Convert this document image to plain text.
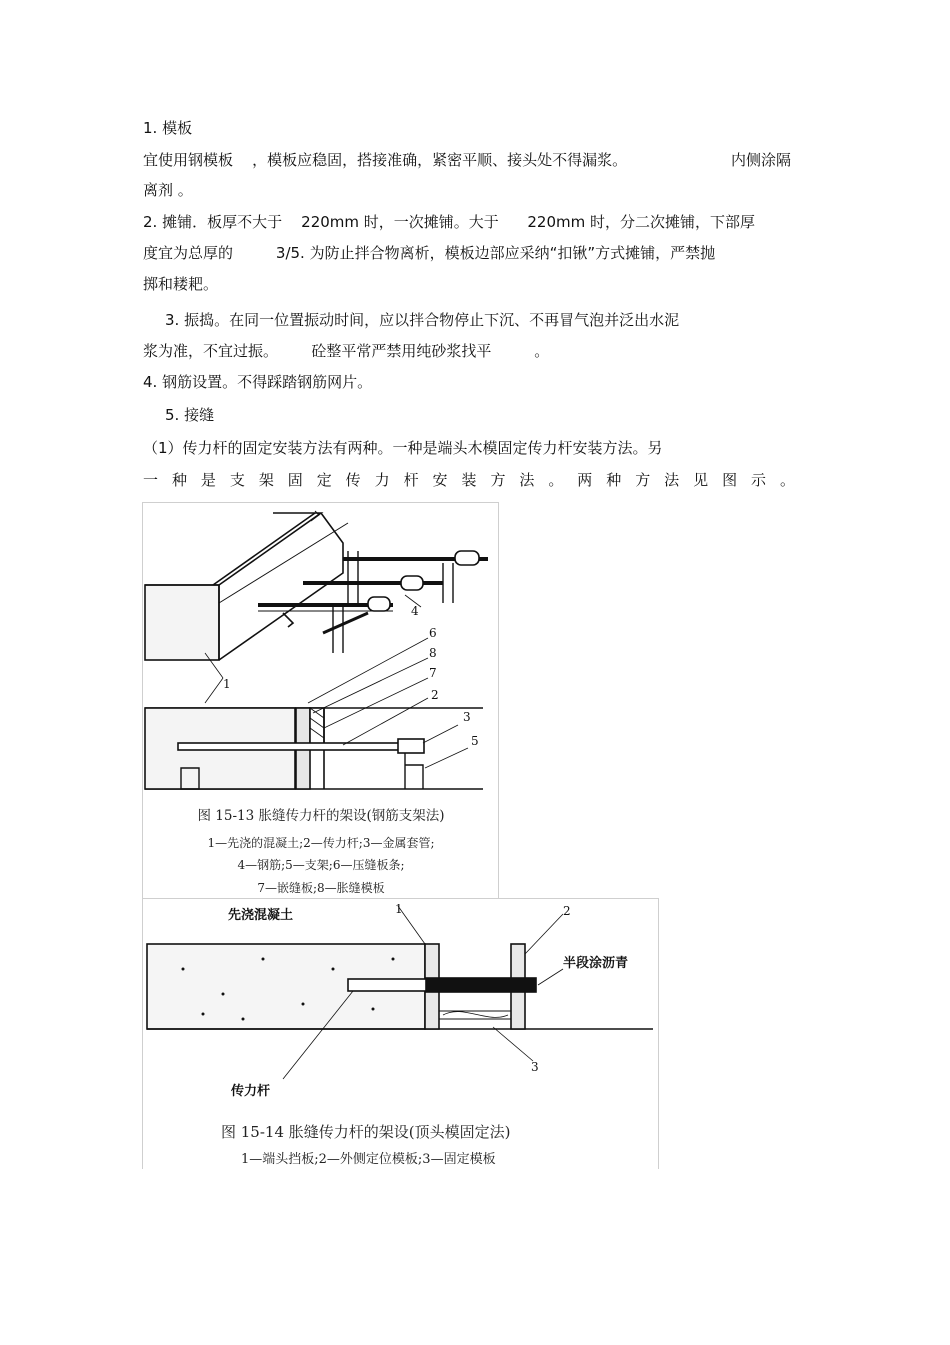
1. 模板
宜使用钢模板    ，模板应稳固，搭接准确，紧密平顺、接头处不得漏浆。	内侧涂隔
离剂 。
2. 摊铺．板厚不大于    220mm 时，一次摊铺。大于      220mm 时，分二次摊铺，下部厚
度宜为总厚的         3/5. 为防止拌合物离析，模板边部应采纳“扣锹”方式摊铺，严禁抛
掷和耧耙。
3. 振捣。在同一位置振动时间，应以拌合物停止下沉、不再冒气泡并泛出水泥
浆为准，不宜过振。       砼整平常严禁用纯砂浆找平         。
4. 钢筋设置。不得踩踏钢筋网片。
5. 接缝
（1）传力杆的固定安装方法有两种。一种是端头木模固定传力杆安装方法。另
一 种 是 支 架 固 定 传 力 杆 安 装 方 法 。 两 种 方 法 见 图 示 。
1
2
3
4
5
6
7
8
图 15-13 胀缝传力杆的架设(钢筋支架法)
1—先浇的混凝土;2—传力杆;3—金属套管;
4—钢筋;5—支架;6—压缝板条;
7—嵌缝板;8—胀缝模板
先浇混凝土
半段涂沥青
传力杆
1	2
3
图 15-14 胀缝传力杆的架设(顶头模固定法)
1—端头挡板;2—外侧定位模板;3—固定模板
